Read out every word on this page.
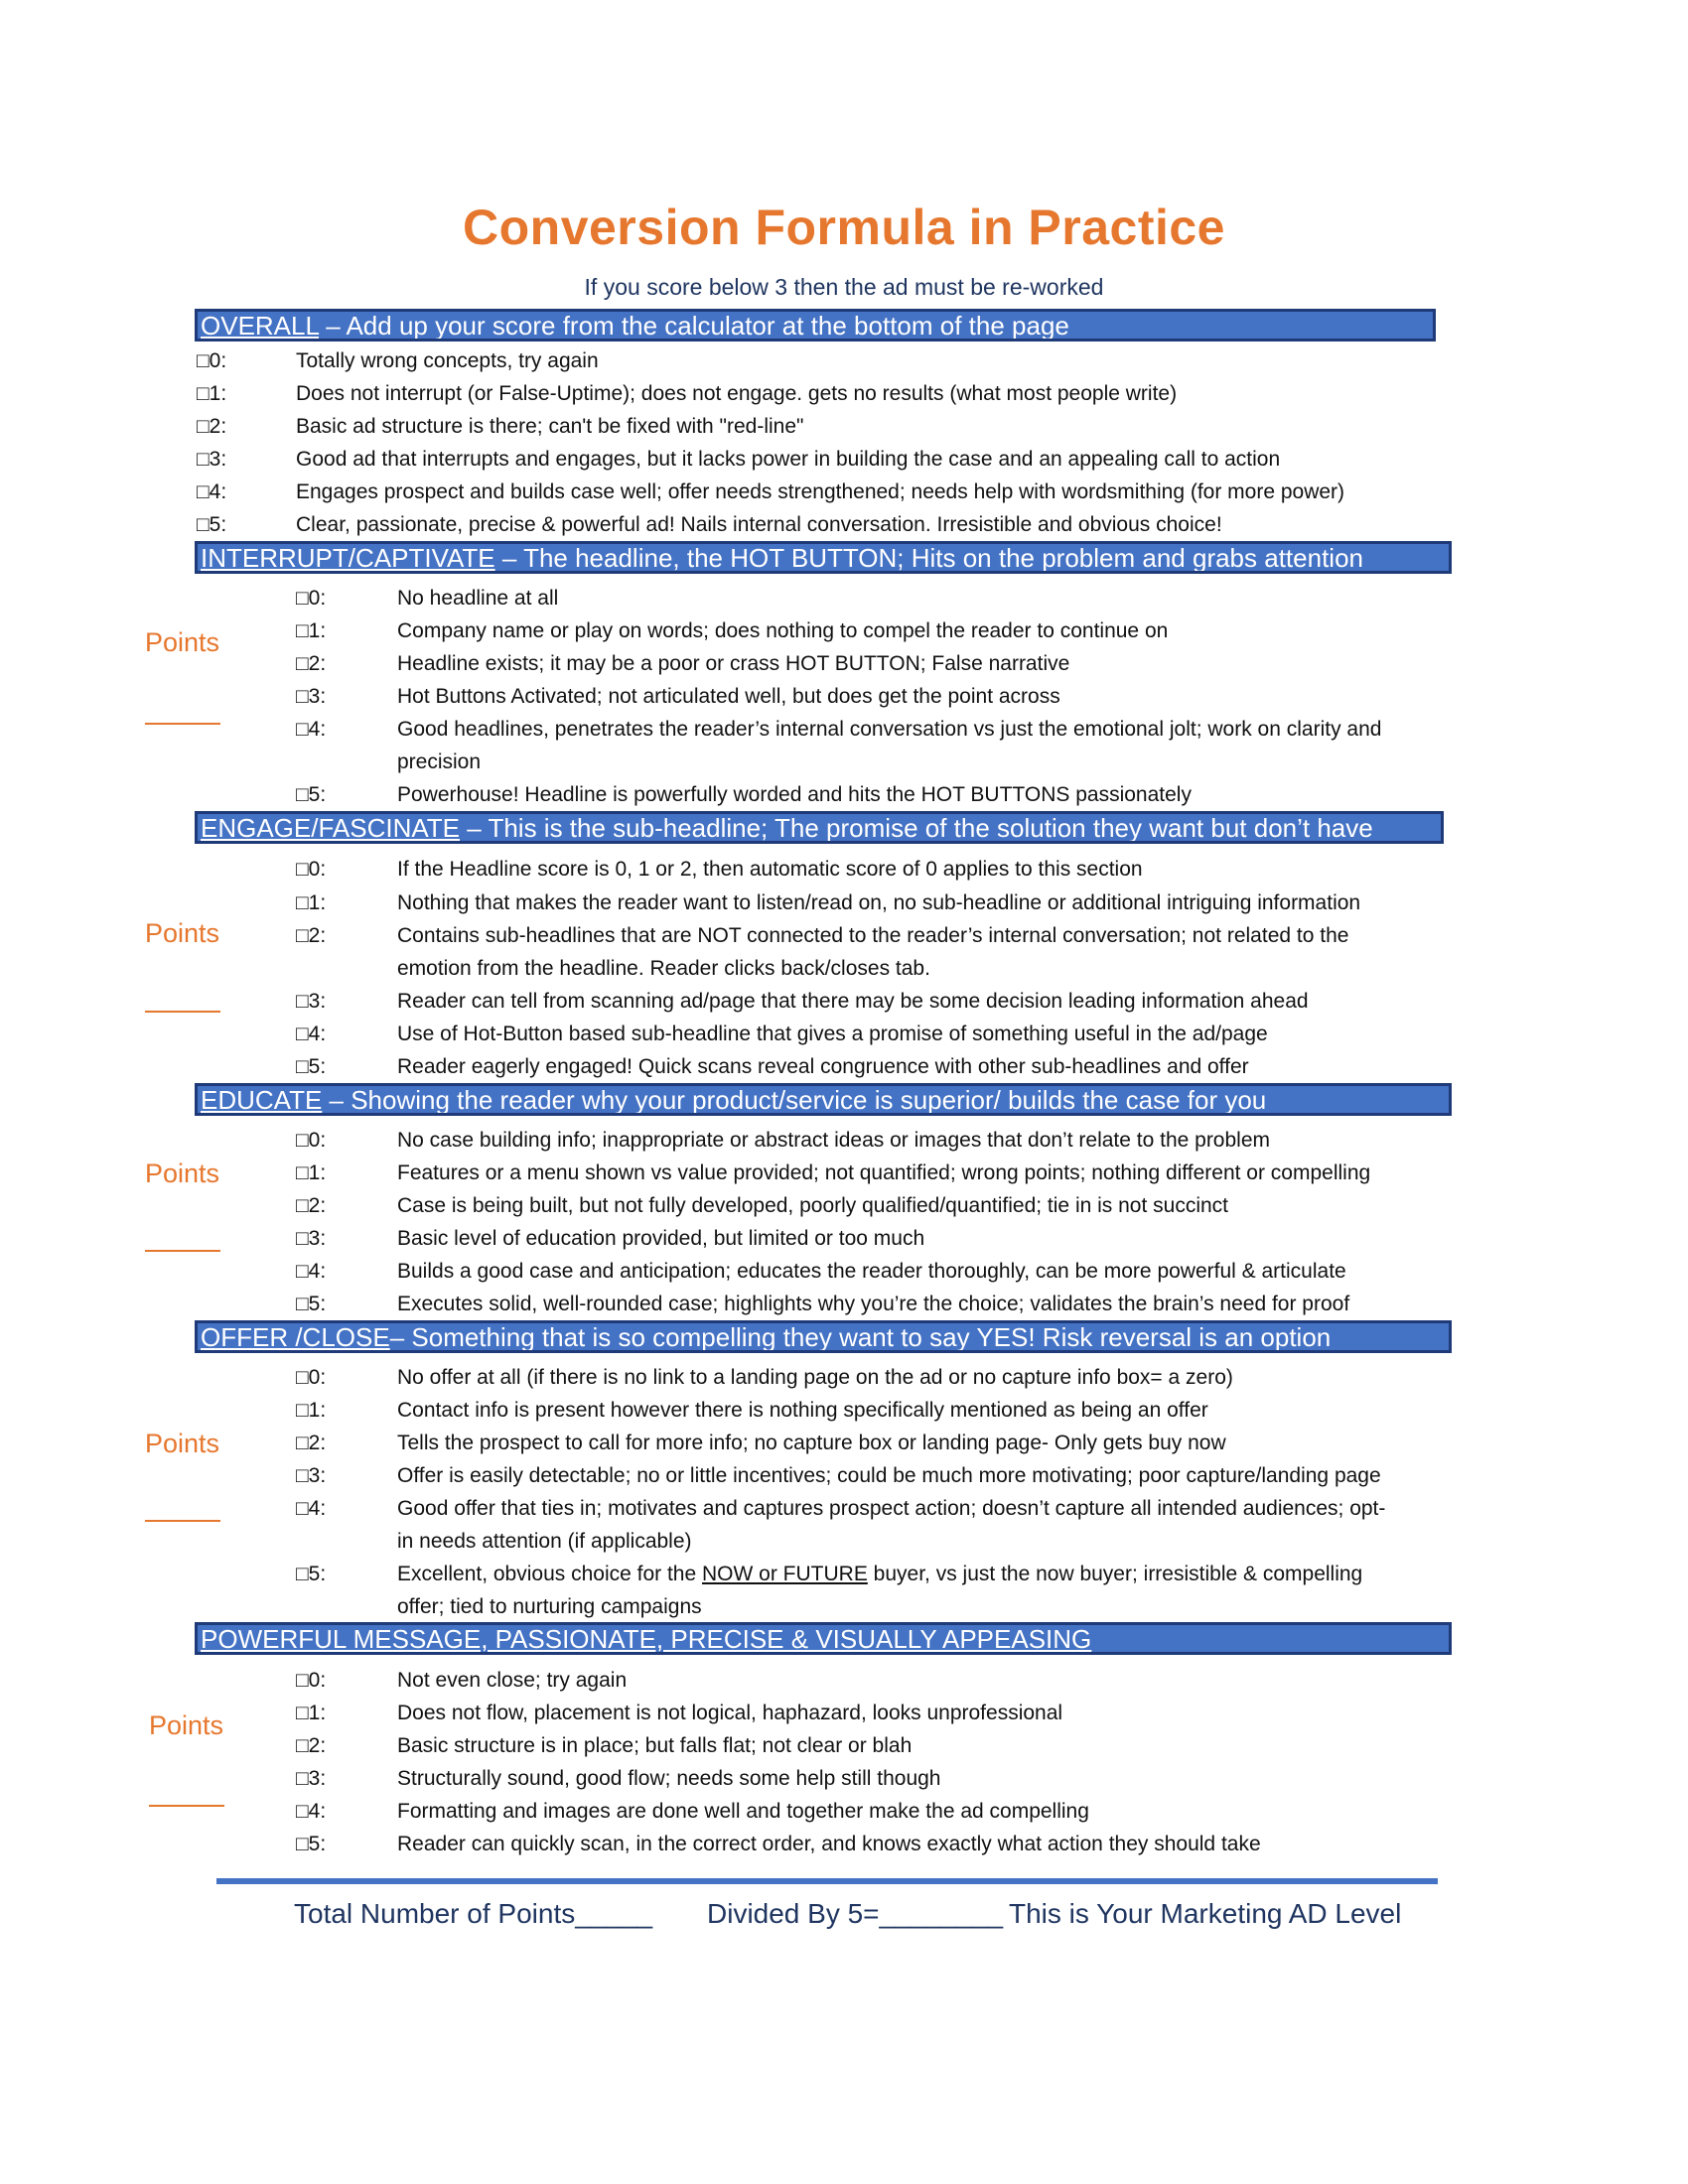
Conversion Formula in Practice
If you score below 3 then the ad must be re-worked
OVERALL – Add up your score from the calculator at the bottom of the page
□0:	Totally wrong concepts, try again
□1:	Does not interrupt (or False-Uptime); does not engage. gets no results (what most people write)
□2:	Basic ad structure is there; can't be fixed with "red-line"
□3:	Good ad that interrupts and engages, but it lacks power in building the case and an appealing call to action
□4:	Engages prospect and builds case well; offer needs strengthened; needs help with wordsmithing (for more power)
□5:	Clear, passionate, precise & powerful ad! Nails internal conversation. Irresistible and obvious choice!
INTERRUPT/CAPTIVATE – The headline, the HOT BUTTON; Hits on the problem and grabs attention
Points
□0:	No headline at all
□1:	Company name or play on words; does nothing to compel the reader to continue on
□2:	Headline exists; it may be a poor or crass HOT BUTTON; False narrative
□3:	Hot Buttons Activated; not articulated well, but does get the point across
□4:	Good headlines, penetrates the reader’s internal conversation vs just the emotional jolt; work on clarity and
precision
□5:	Powerhouse! Headline is powerfully worded and hits the HOT BUTTONS passionately
ENGAGE/FASCINATE – This is the sub-headline; The promise of the solution they want but don’t have
Points
□0:	If the Headline score is 0, 1 or 2, then automatic score of 0 applies to this section
□1:	Nothing that makes the reader want to listen/read on, no sub-headline or additional intriguing information
□2:	Contains sub-headlines that are NOT connected to the reader’s internal conversation; not related to the
emotion from the headline. Reader clicks back/closes tab.
□3:	Reader can tell from scanning ad/page that there may be some decision leading information ahead
□4:	Use of Hot-Button based sub-headline that gives a promise of something useful in the ad/page
□5:	Reader eagerly engaged! Quick scans reveal congruence with other sub-headlines and offer
EDUCATE – Showing the reader why your product/service is superior/ builds the case for you
Points
□0:	No case building info; inappropriate or abstract ideas or images that don’t relate to the problem
□1:	Features or a menu shown vs value provided; not quantified; wrong points; nothing different or compelling
□2:	Case is being built, but not fully developed, poorly qualified/quantified; tie in is not succinct
□3:	Basic level of education provided, but limited or too much
□4:	Builds a good case and anticipation; educates the reader thoroughly, can be more powerful & articulate
□5:	Executes solid, well-rounded case; highlights why you’re the choice; validates the brain’s need for proof
OFFER /CLOSE– Something that is so compelling they want to say YES! Risk reversal is an option
Points
□0:	No offer at all (if there is no link to a landing page on the ad or no capture info box= a zero)
□1:	Contact info is present however there is nothing specifically mentioned as being an offer
□2:	Tells the prospect to call for more info; no capture box or landing page- Only gets buy now
□3:	Offer is easily detectable; no or little incentives; could be much more motivating; poor capture/landing page
□4:	Good offer that ties in; motivates and captures prospect action; doesn’t capture all intended audiences; opt-
in needs attention (if applicable)
□5:	Excellent, obvious choice for the NOW or FUTURE buyer, vs just the now buyer; irresistible & compelling
offer; tied to nurturing campaigns
POWERFUL MESSAGE, PASSIONATE, PRECISE & VISUALLY APPEASING
Points
□0:	Not even close; try again
□1:	Does not flow, placement is not logical, haphazard, looks unprofessional
□2:	Basic structure is in place; but falls flat; not clear or blah
□3:	Structurally sound, good flow; needs some help still though
□4:	Formatting and images are done well and together make the ad compelling
□5:	Reader can quickly scan, in the correct order, and knows exactly what action they should take
Total Number of Points_____ Divided By 5=________ This is Your Marketing AD Level
